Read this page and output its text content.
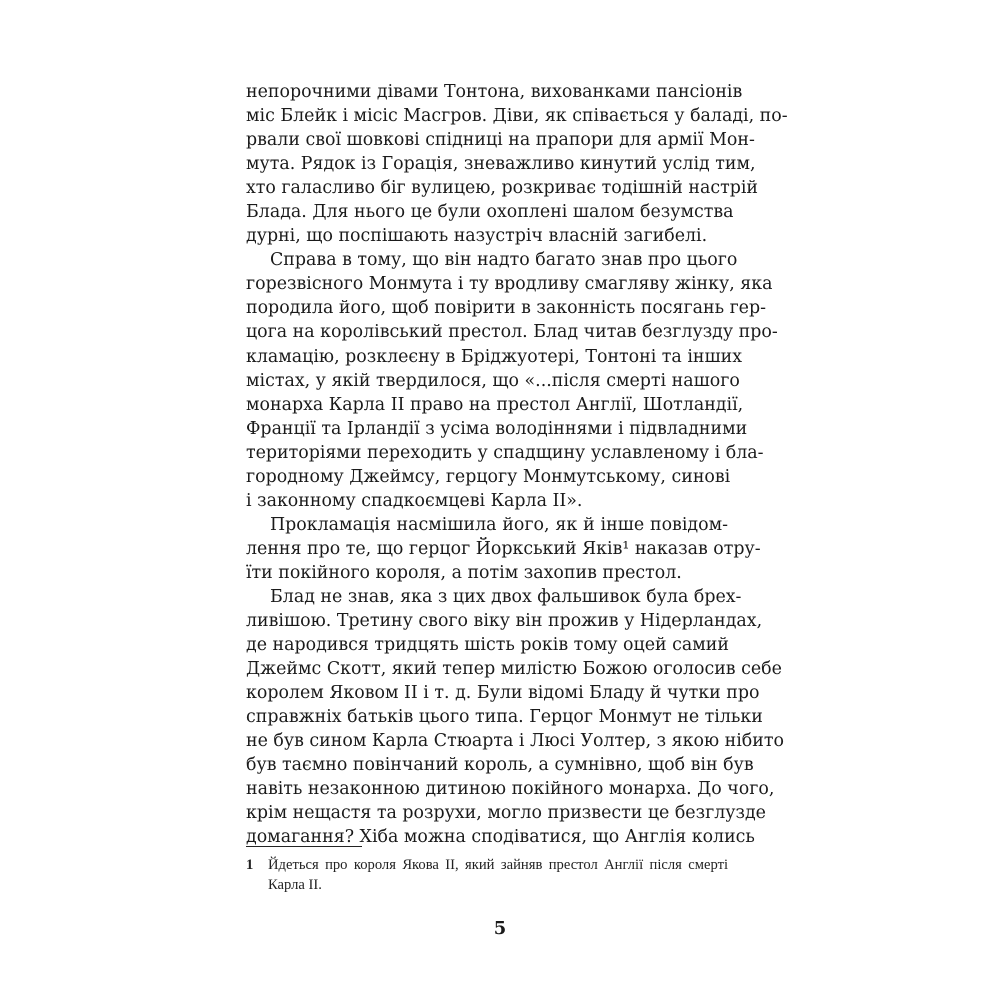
непорочними дівами Тонтона, вихованками пансіонів
міс Блейк і місіс Масгров. Діви, як співається у баладі, по-
рвали свої шовкові спідниці на прапори для армії Мон-
мута. Рядок із Горація, зневажливо кинутий услід тим,
хто галасливо біг вулицею, розкриває тодішній настрій
Блада. Для нього це були охоплені шалом безумства
дурні, що поспішають назустріч власній загибелі.
Справа в тому, що він надто багато знав про цього
горезвісного Монмута і ту вродливу смагляву жінку, яка
породила його, щоб повірити в законність посягань гер-
цога на королівський престол. Блад читав безглузду про-
кламацію, розклеєну в Бріджуотері, Тонтоні та інших
містах, у якій твердилося, що «...після смерті нашого
монарха Карла II право на престол Англії, Шотландії,
Франції та Ірландії з усіма володіннями і підвладними
територіями переходить у спадщину уславленому і бла-
городному Джеймсу, герцогу Монмутському, синові
і законному спадкоємцеві Карла II».
Прокламація насмішила його, як й інше повідом-
лення про те, що герцог Йоркський Яків¹ наказав отру-
їти покійного короля, а потім захопив престол.
Блад не знав, яка з цих двох фальшивок була брех-
ливішою. Третину свого віку він прожив у Нідерландах,
де народився тридцять шість років тому оцей самий
Джеймс Скотт, який тепер милістю Божою оголосив себе
королем Яковом II і т. д. Були відомі Бладу й чутки про
справжніх батьків цього типа. Герцог Монмут не тільки
не був сином Карла Стюарта і Люсі Уолтер, з якою нібито
був таємно повінчаний король, а сумнівно, щоб він був
навіть незаконною дитиною покійного монарха. До чого,
крім нещастя та розрухи, могло призвести це безглузде
домагання? Хіба можна сподіватися, що Англія колись
1	Йдеться про короля Якова II, який зайняв престол Англії після смерті
Карла II.
5
